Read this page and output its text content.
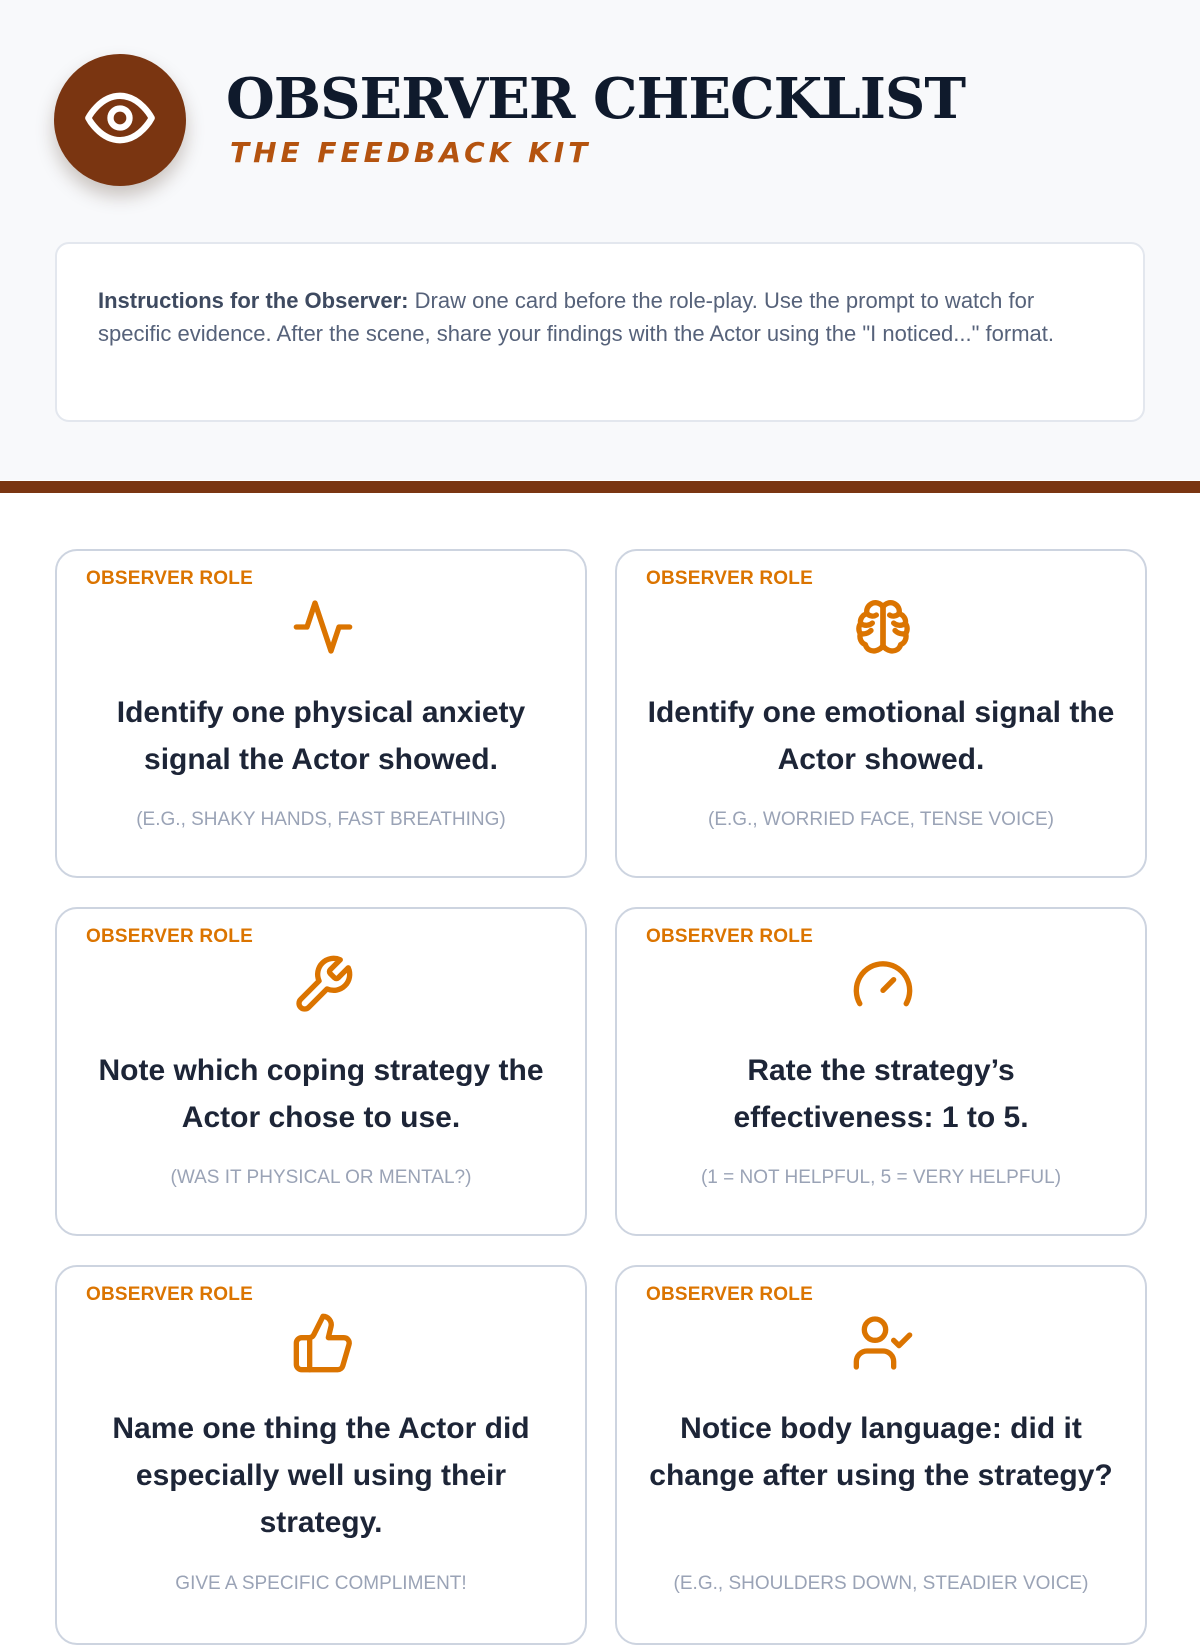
OBSERVER CHECKLIST
THE FEEDBACK KIT
Instructions for the Observer: Draw one card before the role-play. Use the prompt to watch for specific evidence. After the scene, share your findings with the Actor using the "I noticed..." format.
OBSERVER ROLE

Identify one physical anxiety signal the Actor showed.

(E.G., SHAKY HANDS, FAST BREATHING)
OBSERVER ROLE

Identify one emotional signal the Actor showed.

(E.G., WORRIED FACE, TENSE VOICE)
OBSERVER ROLE

Note which coping strategy the Actor chose to use.

(WAS IT PHYSICAL OR MENTAL?)
OBSERVER ROLE

Rate the strategy’s effectiveness: 1 to 5.

(1 = NOT HELPFUL, 5 = VERY HELPFUL)
OBSERVER ROLE

Name one thing the Actor did especially well using their strategy.

GIVE A SPECIFIC COMPLIMENT!
OBSERVER ROLE

Notice body language: did it change after using the strategy?

(E.G., SHOULDERS DOWN, STEADIER VOICE)
